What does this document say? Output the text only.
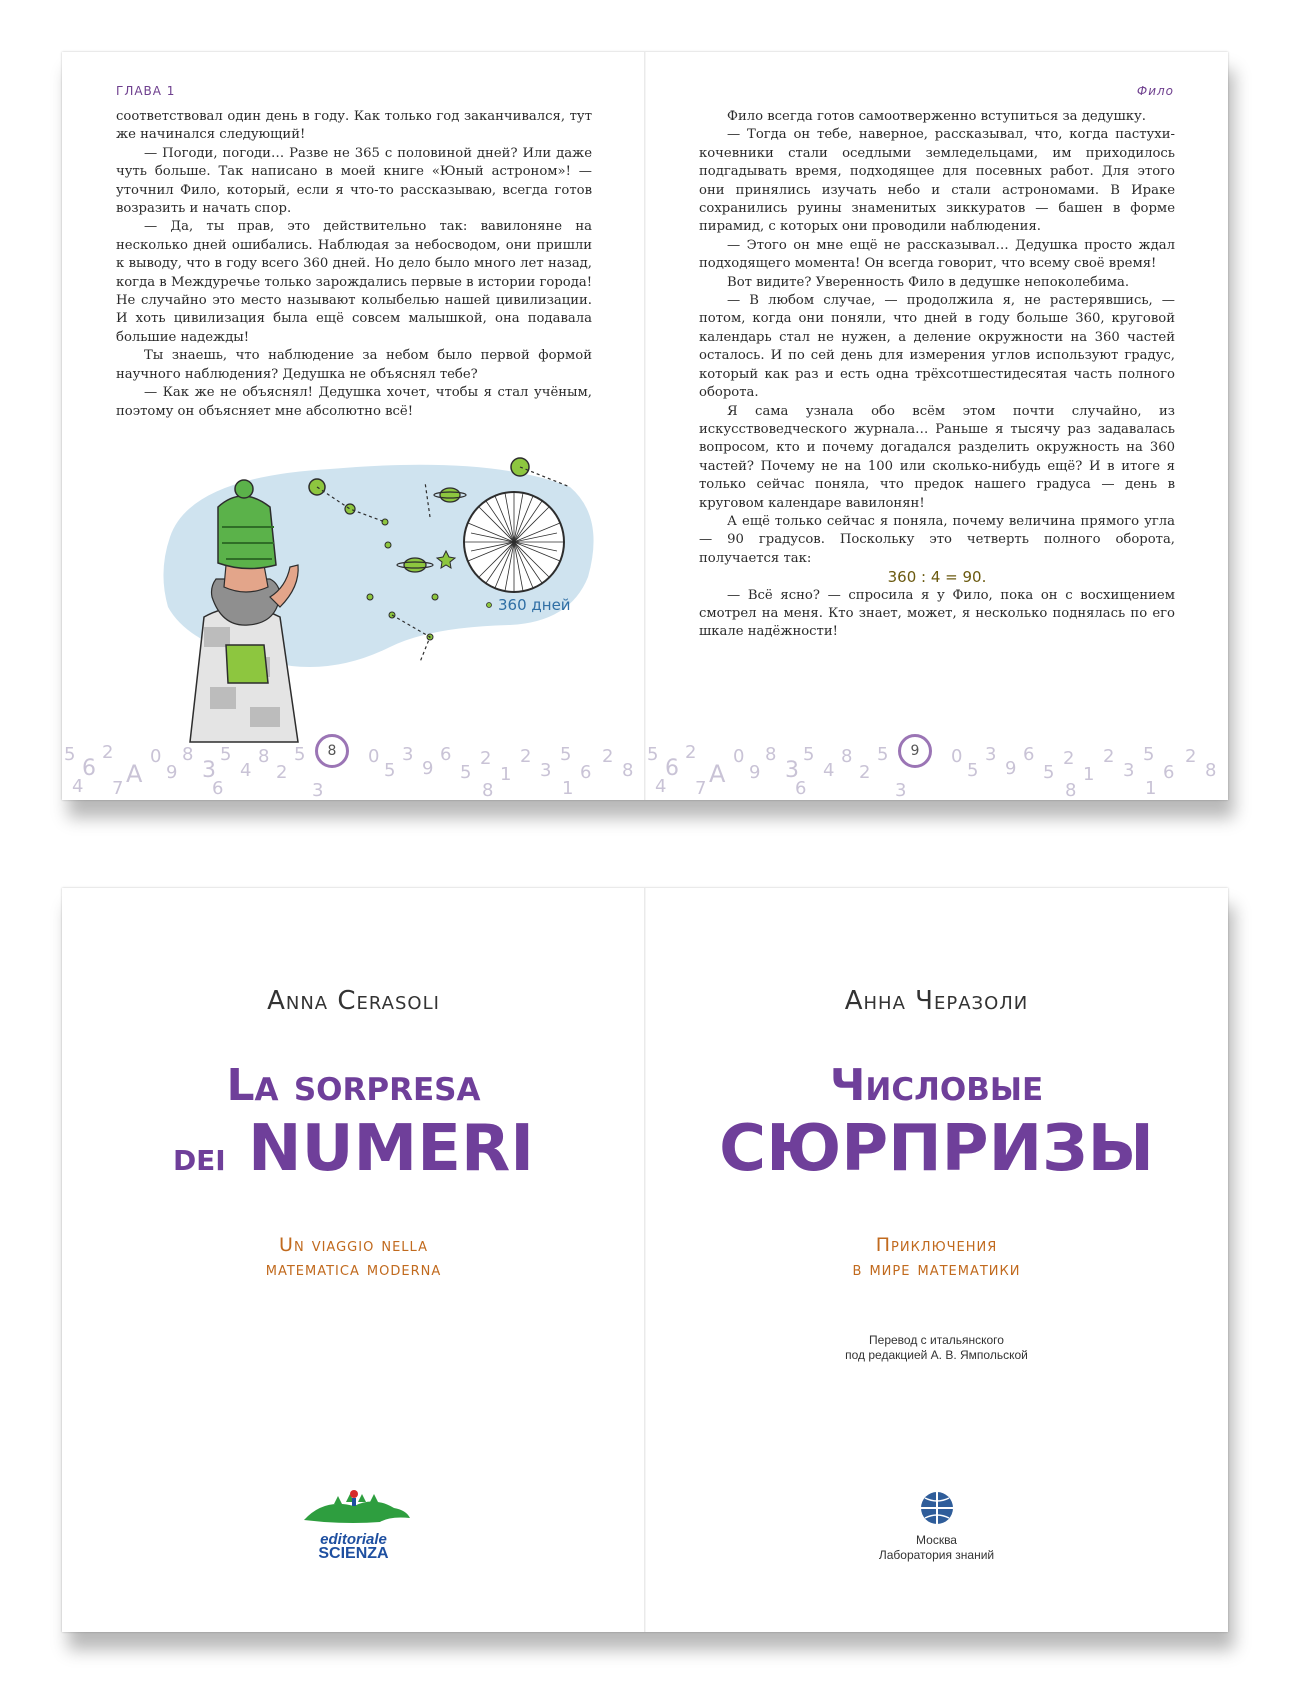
ГЛАВА 1

соответствовал один день в году. Как только год заканчивался, тут же начинался следующий!

— Погоди, погоди… Разве не 365 с половиной дней? Или даже чуть больше. Так написано в моей книге «Юный астроном»! — уточнил Фило, который, если я что-то рассказываю, всегда готов возразить и начать спор.

— Да, ты прав, это действительно так: вавилоняне на несколько дней ошибались. Наблюдая за небосводом, они пришли к выводу, что в году всего 360 дней. Но дело было много лет назад, когда в Междуречье только зарождались первые в истории города! Не случайно это место называют колыбелью нашей цивилизации. И хоть цивилизация была ещё совсем малышкой, она подавала большие надежды!

Ты знаешь, что наблюдение за небом было первой формой научного наблюдения? Дедушка не объяснял тебе?

— Как же не объяснял! Дедушка хочет, чтобы я стал учёным, поэтому он объясняет мне абсолютно всё!

360 дней
5
6
2
A
0
9
8
3
5
4
8
2
5	0
5
3
9
6
5
2
1
2
3
5
6
2
8
4 7	6	3	8	1
8
Фило

Фило всегда готов самоотверженно вступиться за дедушку.

— Тогда он тебе, наверное, рассказывал, что, когда пастухи-кочевники стали оседлыми земледельцами, им приходилось подгадывать время, подходящее для посевных работ. Для этого они принялись изучать небо и стали астрономами. В Ираке сохранились руины знаменитых зиккуратов — башен в форме пирамид, с которых они проводили наблюдения.

— Этого он мне ещё не рассказывал… Дедушка просто ждал подходящего момента! Он всегда говорит, что всему своё время!

Вот видите? Уверенность Фило в дедушке непоколебима.

— В любом случае, — продолжила я, не растерявшись, — потом, когда они поняли, что дней в году больше 360, круговой календарь стал не нужен, а деление окружности на 360 частей осталось. И по сей день для измерения углов используют градус, который как раз и есть одна трёхсотшестидесятая часть полного оборота.

Я сама узнала обо всём этом почти случайно, из искусствоведческого журнала… Раньше я тысячу раз задавалась вопросом, кто и почему догадался разделить окружность на 360 частей? Почему не на 100 или сколько-нибудь ещё? И в итоге я только сейчас поняла, что предок нашего градуса — день в круговом календаре вавилонян!

А ещё только сейчас я поняла, почему величина прямого угла — 90 градусов. Поскольку это четверть полного оборота, получается так:

360 : 4 = 90.

— Всё ясно? — спросила я у Фило, пока он с восхищением смотрел на меня. Кто знает, может, я несколько поднялась по его шкале надёжности!

5
6
2
A
0
9
8
3
5
4
8
2
5	0
5
3
9
6
5
2
1
2
3
5
6
2
8
4 7	6	3	8	1
9
Anna Cerasoli
La sorpresa
dei NUMERI
Un viaggio nella
matematica moderna
editoriale
SCIENZA
Анна Черазоли
Числовые
СЮРПРИЗЫ
Приключения
в мире математики
Перевод с итальянского
под редакцией А. В. Ямпольской
Москва
Лаборатория знаний
